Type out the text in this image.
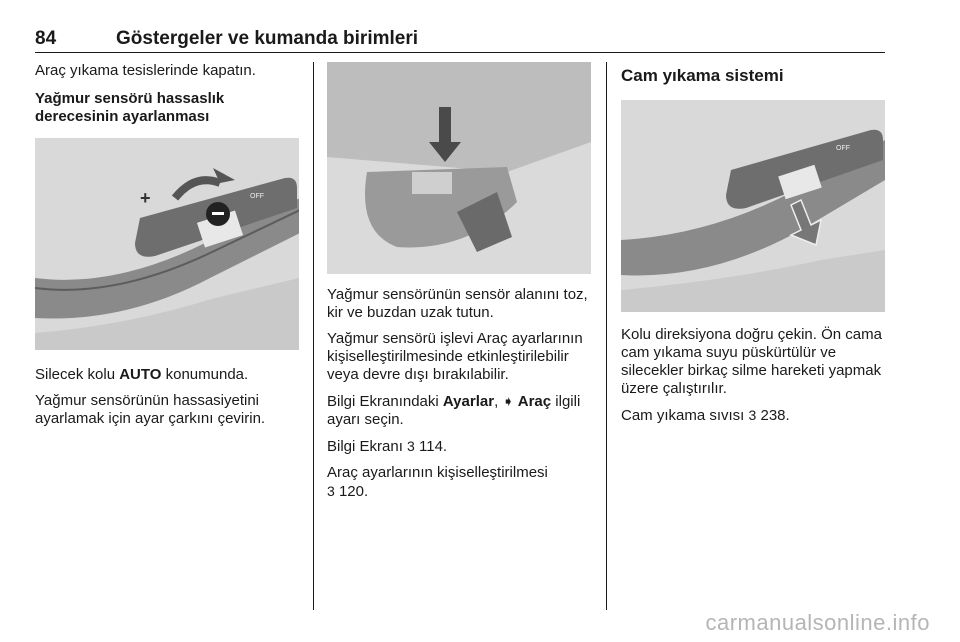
84	Göstergeler ve kumanda birimleri

Araç yıkama tesislerinde kapatın.

Yağmur sensörü hassaslık derecesinin ayarlanması
+	OFF

Silecek kolu AUTO konumunda.

Yağmur sensörünün hassasiyetini ayarlamak için ayar çarkını çevirin.

Yağmur sensörünün sensör alanını toz, kir ve buzdan uzak tutun.

Yağmur sensörü işlevi Araç ayarlarının kişiselleştirilmesinde etkinleştirilebilir veya devre dışı bırakılabilir.

Bilgi Ekranındaki Ayarlar, ➧ Araç ilgili ayarı seçin.

Bilgi Ekranı 3 114.

Araç ayarlarının kişiselleştirilmesi
3 120.

Cam yıkama sistemi
OFF

Kolu direksiyona doğru çekin. Ön cama cam yıkama suyu püskürtülür ve silecekler birkaç silme hareketi yapmak üzere çalıştırılır.

Cam yıkama sıvısı 3 238.

carmanualsonline.info
